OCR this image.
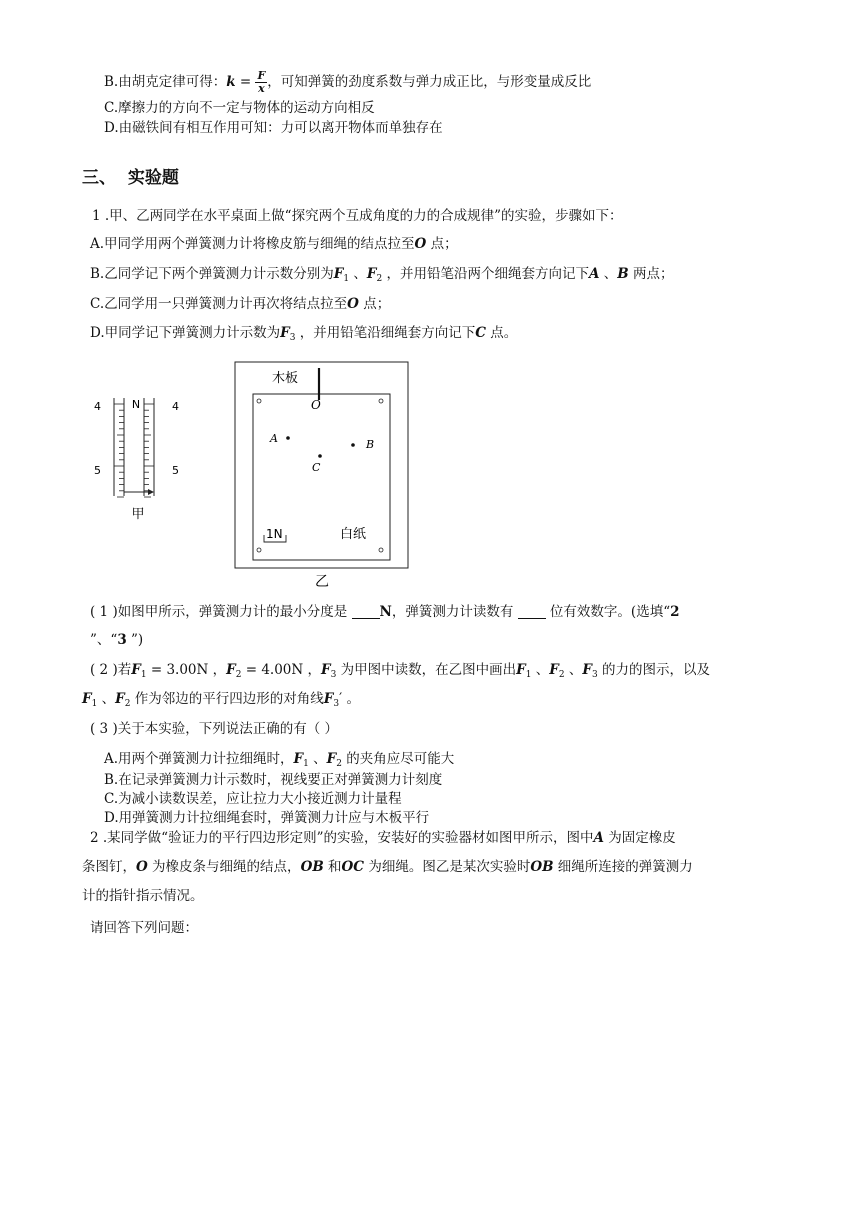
B.由胡克定律可得：$k = \frac{F}{x}$ ，可知弹簧的劲度系数与弹力成正比，与形变量成反比
C.摩擦力的方向不一定与物体的运动方向相反
D.由磁铁间有相互作用可知：力可以离开物体而单独存在
三、 实验题
1 .甲、乙两同学在水平桌面上做“探究两个互成角度的力的合成规律”的实验，步骤如下：
A.甲同学用两个弹簧测力计将橡皮筋与细绳的结点拉至O 点；
B.乙同学记下两个弹簧测力计示数分别为$F_1$ 、$F_2$ ，并用铅笔沿两个细绳套方向记下A 、B 两点；
C.乙同学用一只弹簧测力计再次将结点拉至O 点；
D.甲同学记下弹簧测力计示数为$F_3$ ，并用铅笔沿细绳套方向记下C 点。
N
4	4
5	5
甲
木板
O
A	B
C
1N	白纸
乙
( 1 )如图甲所示，弹簧测力计的最小分度是 N，弹簧测力计读数有  位有效数字。(选填“2
”、“3 ”)
( 2 )若$F_1 = 3.00N$ ，$F_2 = 4.00N$ ，$F_3$ 为甲图中读数，在乙图中画出$F_1$ 、$F_2$ 、$F_3$ 的力的图示，以及
$F_1$ 、$F_2$ 作为邻边的平行四边形的对角线$F_3'$ 。
( 3 )关于本实验，下列说法正确的有（ ）
A.用两个弹簧测力计拉细绳时，$F_1$ 、$F_2$ 的夹角应尽可能大
B.在记录弹簧测力计示数时，视线要正对弹簧测力计刻度
C.为减小读数误差，应让拉力大小接近测力计量程
D.用弹簧测力计拉细绳套时，弹簧测力计应与木板平行
2 .某同学做“验证力的平行四边形定则”的实验，安装好的实验器材如图甲所示，图中A 为固定橡皮
条图钉，O 为橡皮条与细绳的结点，OB 和OC 为细绳。图乙是某次实验时OB 细绳所连接的弹簧测力
计的指针指示情况。
请回答下列问题：
